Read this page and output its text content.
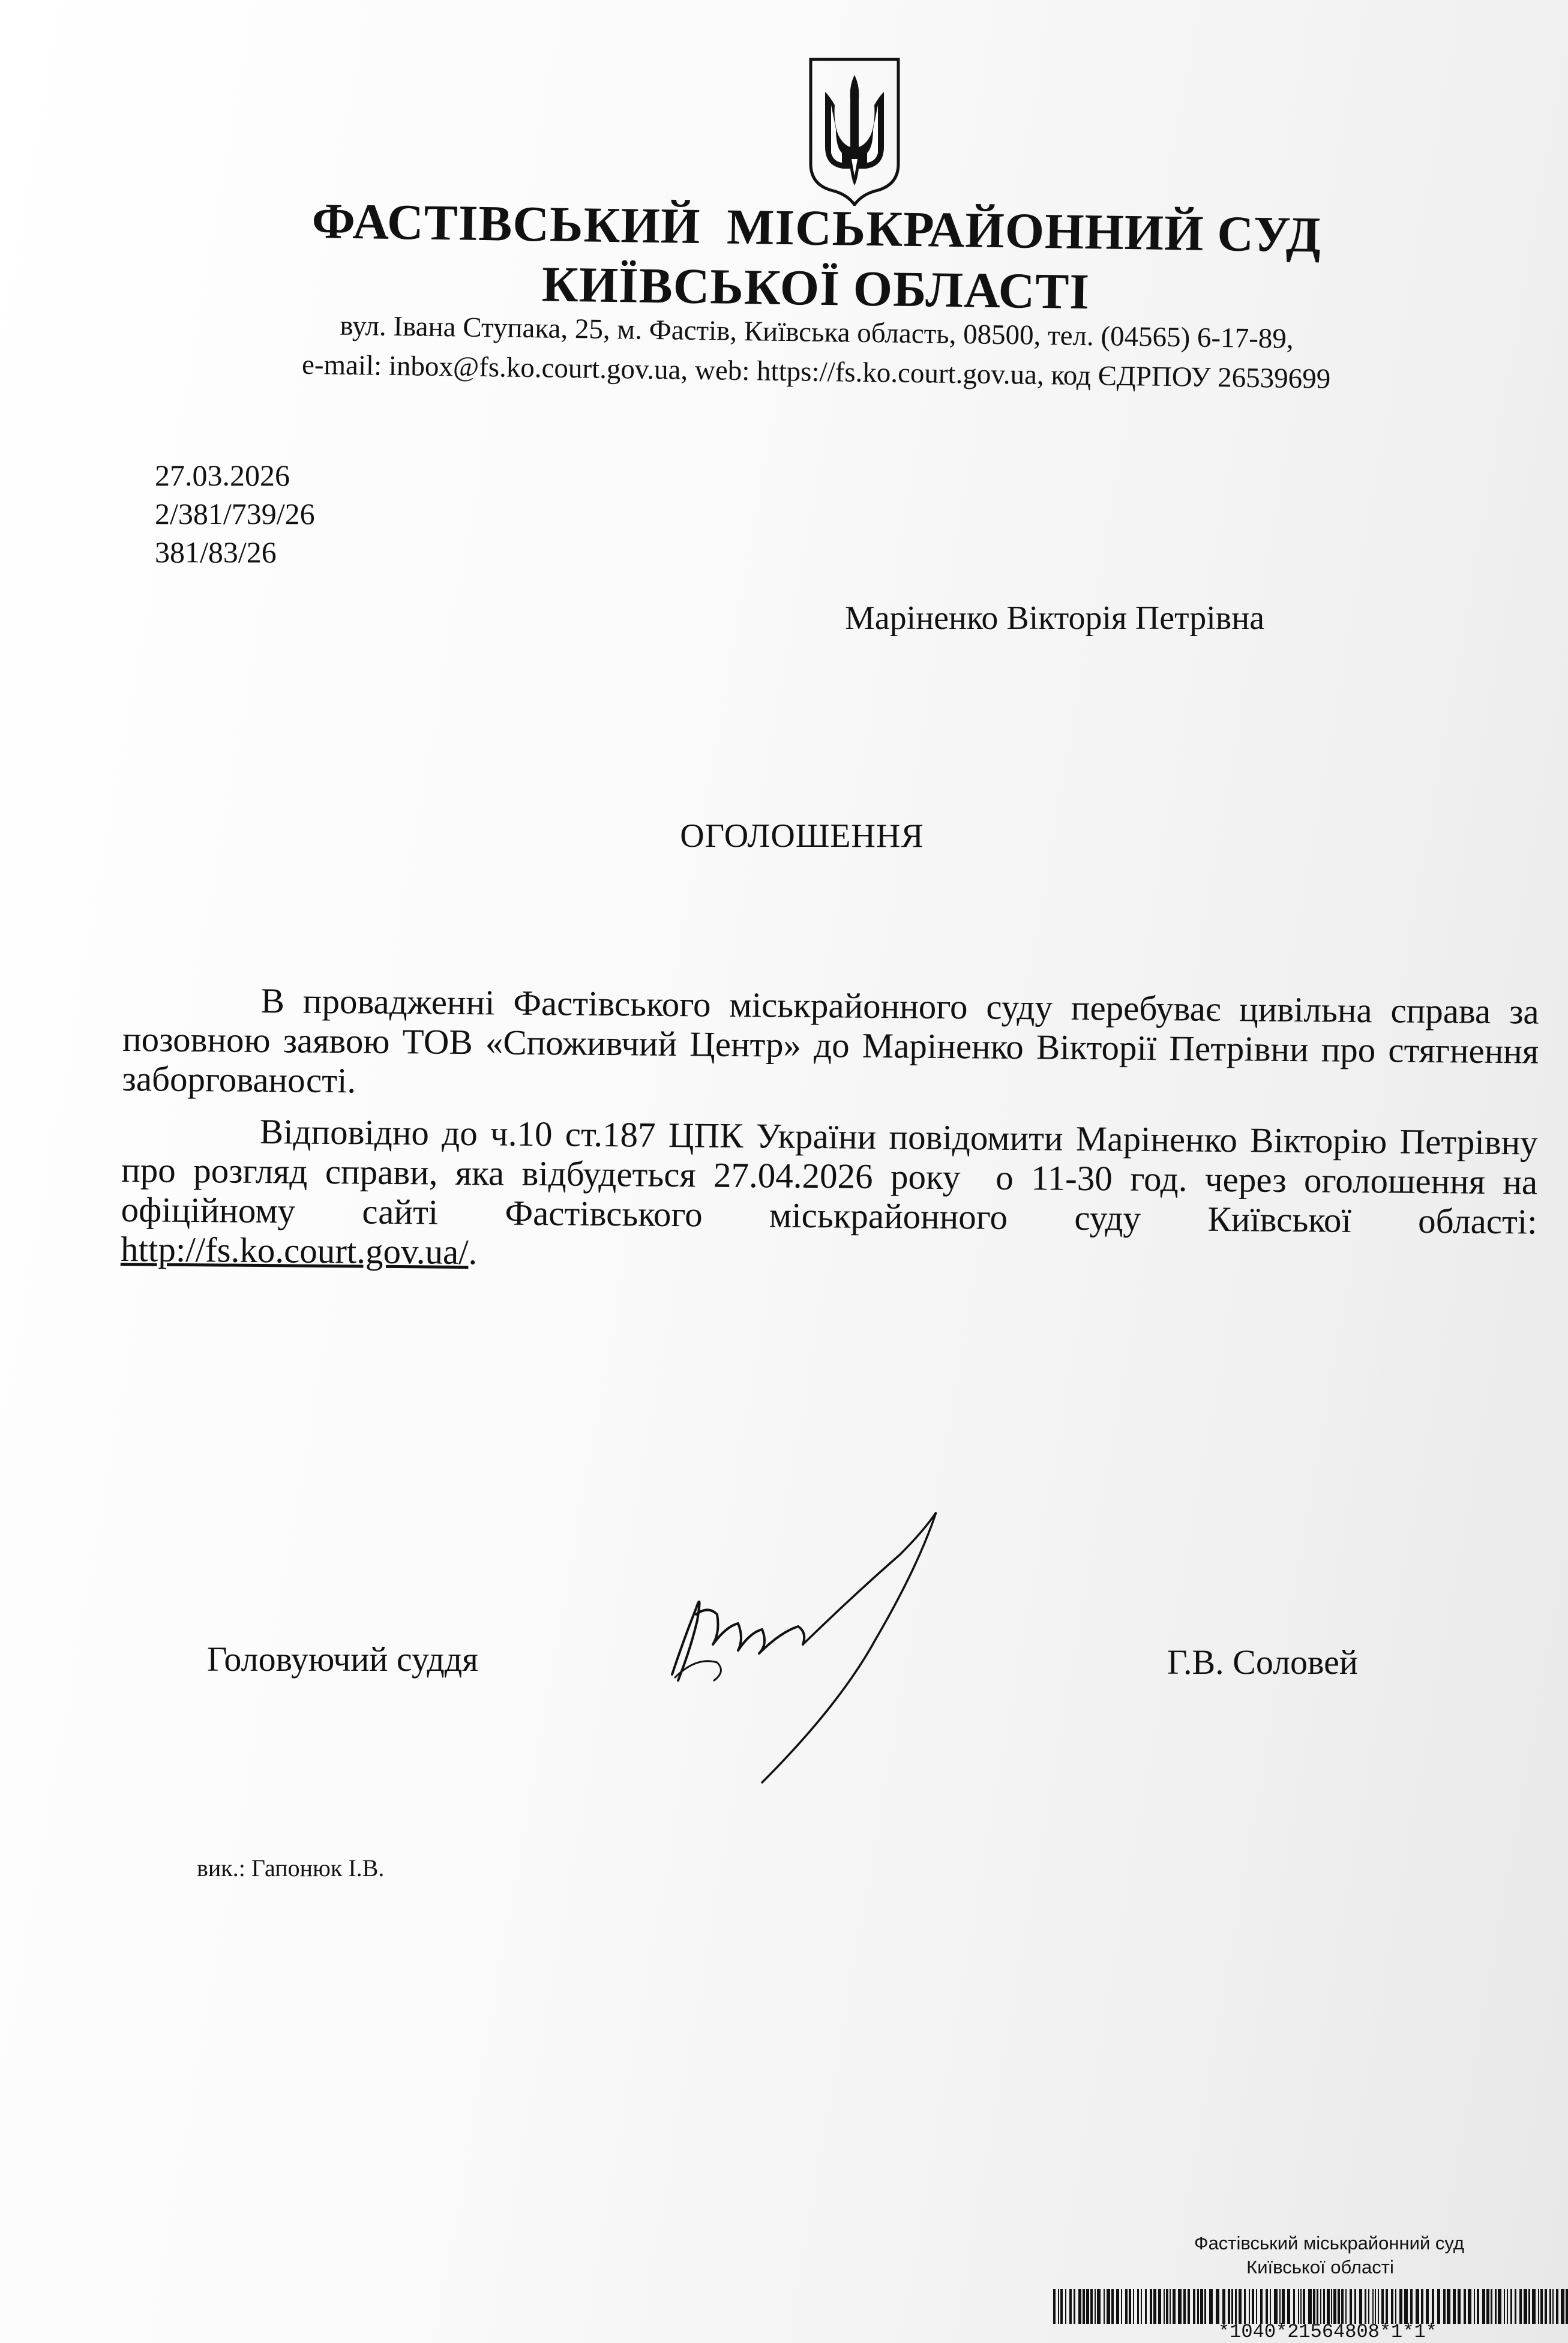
ФАСТІВСЬКИЙ  МІСЬКРАЙОННИЙ СУД
КИЇВСЬКОЇ ОБЛАСТІ
вул. Івана Ступака, 25, м. Фастів, Київська область, 08500, тел. (04565) 6-17-89,
e-mail: inbox@fs.ko.court.gov.ua, web: https://fs.ko.court.gov.ua, код ЄДРПОУ 26539699
27.03.2026
2/381/739/26
381/83/26
Маріненко Вікторія Петрівна
ОГОЛОШЕННЯ

В провадженні Фастівського міськрайонного суду перебуває цивільна справа за позовною заявою ТОВ «Споживчий Центр» до Маріненко Вікторії Петрівни про стягнення заборгованості.

Відповідно до ч.10 ст.187 ЦПК України повідомити Маріненко Вікторію Петрівну про розгляд справи, яка відбудеться 27.04.2026 року  о 11-30 год. через оголошення на офіційному сайті Фастівського міськрайонного суду Київської області: http://fs.ko.court.gov.ua/.

Головуючий суддя	Г.В. Соловей
вик.: Гапонюк І.В.
Фастівський міськрайонний суд
Київської області
*1040*21564808*1*1*
